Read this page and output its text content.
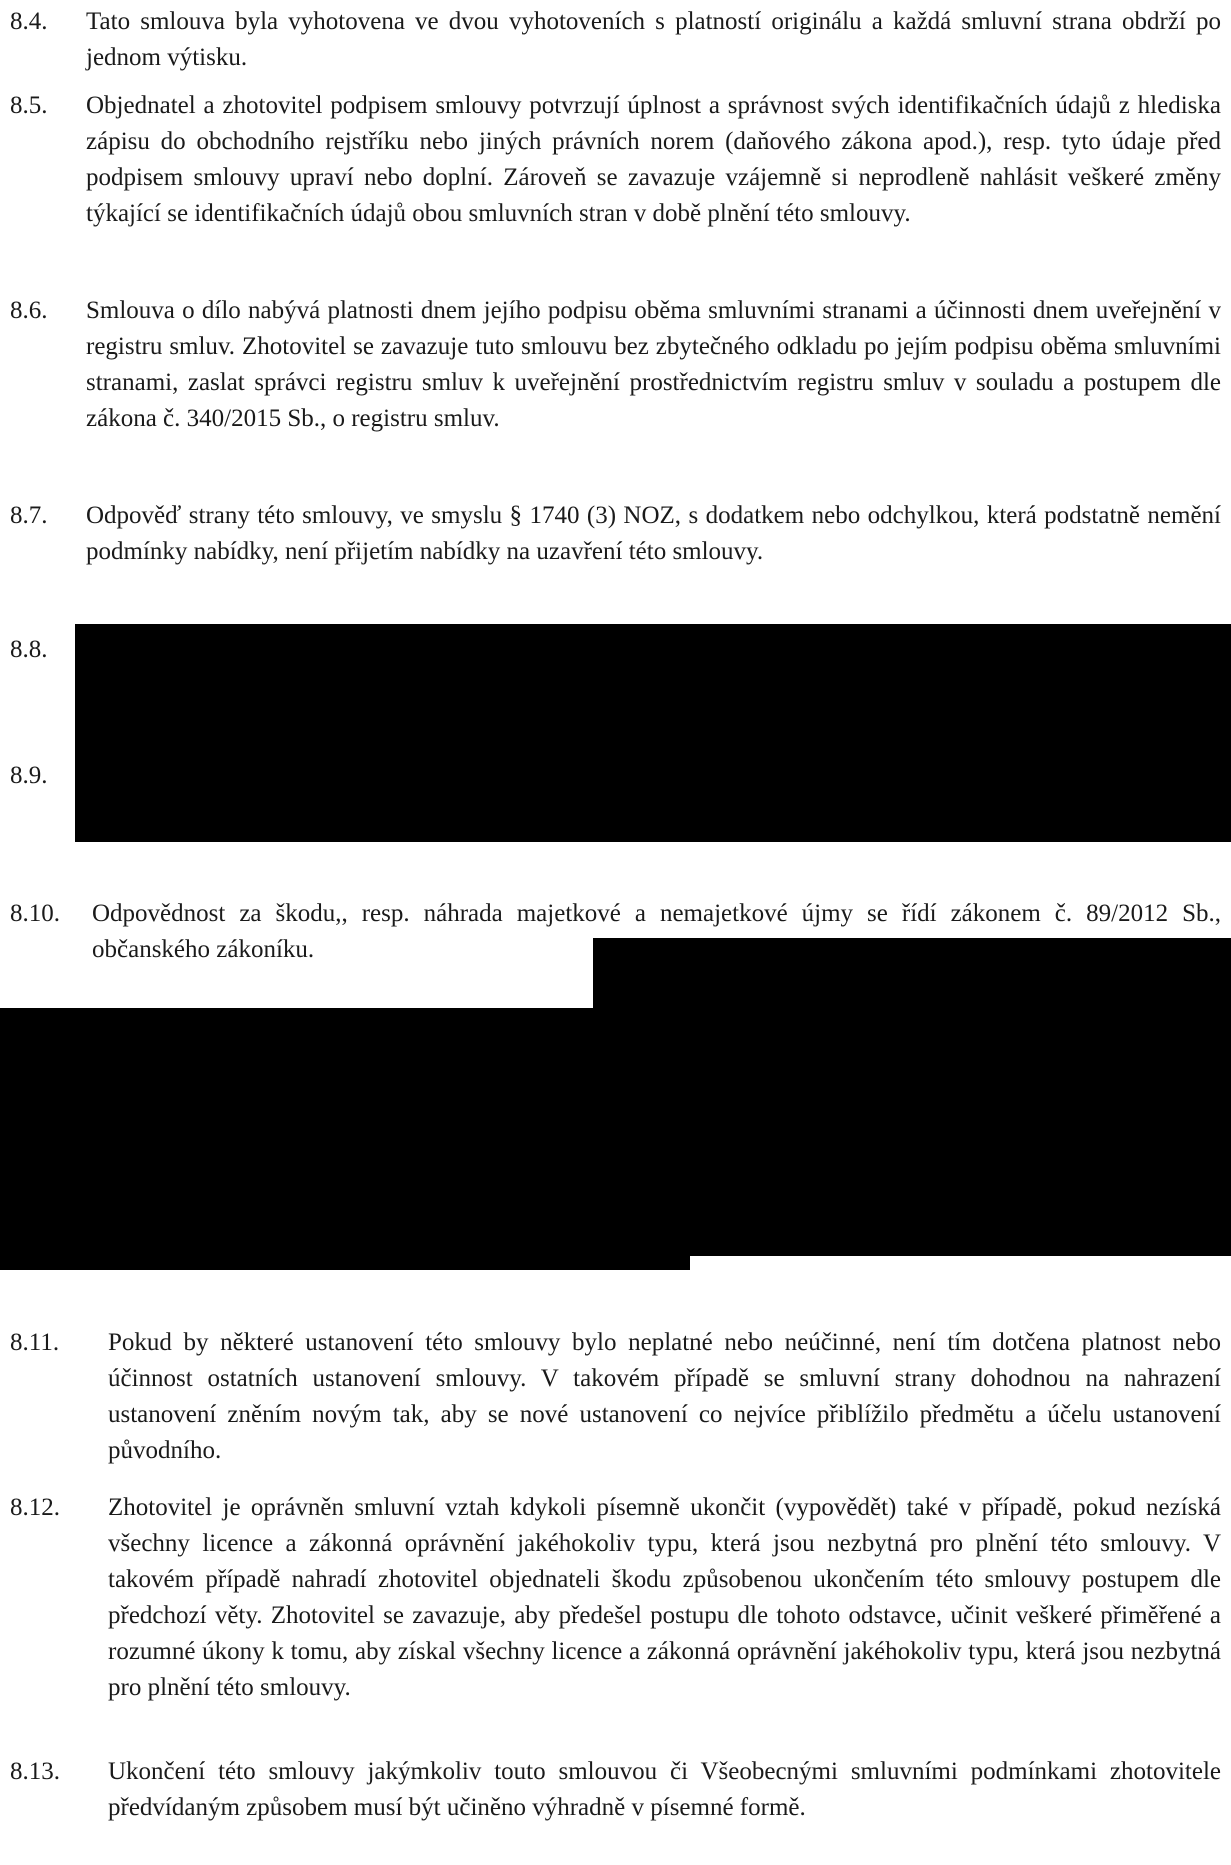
8.4. Tato smlouva byla vyhotovena ve dvou vyhotoveních s platností originálu a každá smluvní strana obdrží po jednom výtisku.
8.5. Objednatel a zhotovitel podpisem smlouvy potvrzují úplnost a správnost svých identifikačních údajů z hlediska zápisu do obchodního rejstříku nebo jiných právních norem (daňového zákona apod.), resp. tyto údaje před podpisem smlouvy upraví nebo doplní. Zároveň se zavazuje vzájemně si neprodleně nahlásit veškeré změny týkající se identifikačních údajů obou smluvních stran v době plnění této smlouvy.
8.6. Smlouva o dílo nabývá platnosti dnem jejího podpisu oběma smluvními stranami a účinnosti dnem uveřejnění v registru smluv. Zhotovitel se zavazuje tuto smlouvu bez zbytečného odkladu po jejím podpisu oběma smluvními stranami, zaslat správci registru smluv k uveřejnění prostřednictvím registru smluv v souladu a postupem dle zákona č. 340/2015 Sb., o registru smluv.
8.7. Odpověď strany této smlouvy, ve smyslu § 1740 (3) NOZ, s dodatkem nebo odchylkou, která podstatně nemění podmínky nabídky, není přijetím nabídky na uzavření této smlouvy.
8.8.
8.9.
8.10. Odpovědnost za škodu,, resp. náhrada majetkové a nemajetkové újmy se řídí zákonem č. 89/2012 Sb., občanského zákoníku.
8.11. Pokud by některé ustanovení této smlouvy bylo neplatné nebo neúčinné, není tím dotčena platnost nebo účinnost ostatních ustanovení smlouvy. V takovém případě se smluvní strany dohodnou na nahrazení ustanovení zněním novým tak, aby se nové ustanovení co nejvíce přiblížilo předmětu a účelu ustanovení původního.
8.12. Zhotovitel je oprávněn smluvní vztah kdykoli písemně ukončit (vypovědět) také v případě, pokud nezíská všechny licence a zákonná oprávnění jakéhokoliv typu, která jsou nezbytná pro plnění této smlouvy. V takovém případě nahradí zhotovitel objednateli škodu způsobenou ukončením této smlouvy postupem dle předchozí věty. Zhotovitel se zavazuje, aby předešel postupu dle tohoto odstavce, učinit veškeré přiměřené a rozumné úkony k tomu, aby získal všechny licence a zákonná oprávnění jakéhokoliv typu, která jsou nezbytná pro plnění této smlouvy.
8.13. Ukončení této smlouvy jakýmkoliv touto smlouvou či Všeobecnými smluvními podmínkami zhotovitele předvídaným způsobem musí být učiněno výhradně v písemné formě.
